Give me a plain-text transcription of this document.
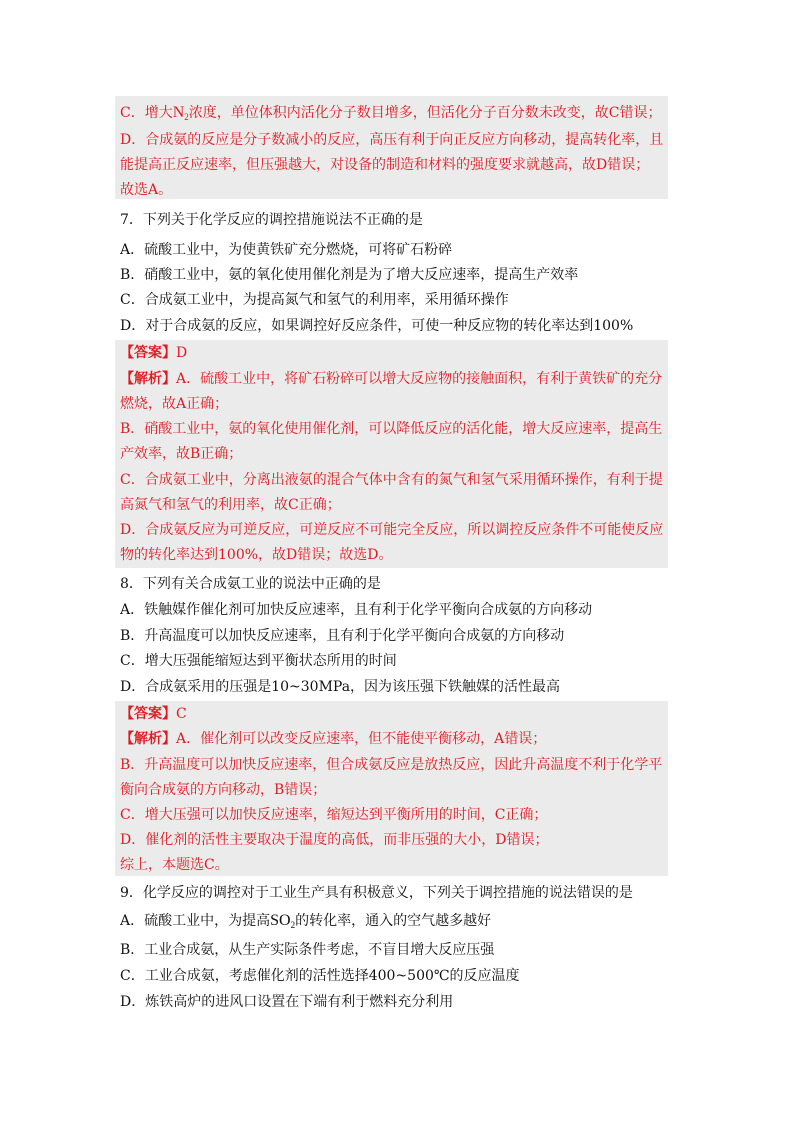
C．增大N2浓度，单位体积内活化分子数目增多，但活化分子百分数未改变，故C错误；
D．合成氨的反应是分子数减小的反应，高压有利于向正反应方向移动，提高转化率，且
能提高正反应速率，但压强越大，对设备的制造和材料的强度要求就越高，故D错误；
故选A。
7．下列关于化学反应的调控措施说法不正确的是
A．硫酸工业中，为使黄铁矿充分燃烧，可将矿石粉碎
B．硝酸工业中，氨的氧化使用催化剂是为了增大反应速率，提高生产效率
C．合成氨工业中，为提高氮气和氢气的利用率，采用循环操作
D．对于合成氨的反应，如果调控好反应条件，可使一种反应物的转化率达到100%
【答案】D
【解析】A．硫酸工业中，将矿石粉碎可以增大反应物的接触面积，有利于黄铁矿的充分
燃烧，故A正确；
B．硝酸工业中，氨的氧化使用催化剂，可以降低反应的活化能，增大反应速率，提高生
产效率，故B正确；
C．合成氨工业中，分离出液氨的混合气体中含有的氮气和氢气采用循环操作，有利于提
高氮气和氢气的利用率，故C正确；
D．合成氨反应为可逆反应，可逆反应不可能完全反应，所以调控反应条件不可能使反应
物的转化率达到100%，故D错误；故选D。
8．下列有关合成氨工业的说法中正确的是
A．铁触媒作催化剂可加快反应速率，且有利于化学平衡向合成氨的方向移动
B．升高温度可以加快反应速率，且有利于化学平衡向合成氨的方向移动
C．增大压强能缩短达到平衡状态所用的时间
D．合成氨采用的压强是10~30MPa，因为该压强下铁触媒的活性最高
【答案】C
【解析】A．催化剂可以改变反应速率，但不能使平衡移动，A错误；
B．升高温度可以加快反应速率，但合成氨反应是放热反应，因此升高温度不利于化学平
衡向合成氨的方向移动，B错误；
C．增大压强可以加快反应速率，缩短达到平衡所用的时间，C正确；
D．催化剂的活性主要取决于温度的高低，而非压强的大小，D错误；
综上，本题选C。
9．化学反应的调控对于工业生产具有积极意义，下列关于调控措施的说法错误的是
A．硫酸工业中，为提高SO2的转化率，通入的空气越多越好
B．工业合成氨，从生产实际条件考虑，不盲目增大反应压强
C．工业合成氨，考虑催化剂的活性选择400~500℃的反应温度
D．炼铁高炉的进风口设置在下端有利于燃料充分利用
